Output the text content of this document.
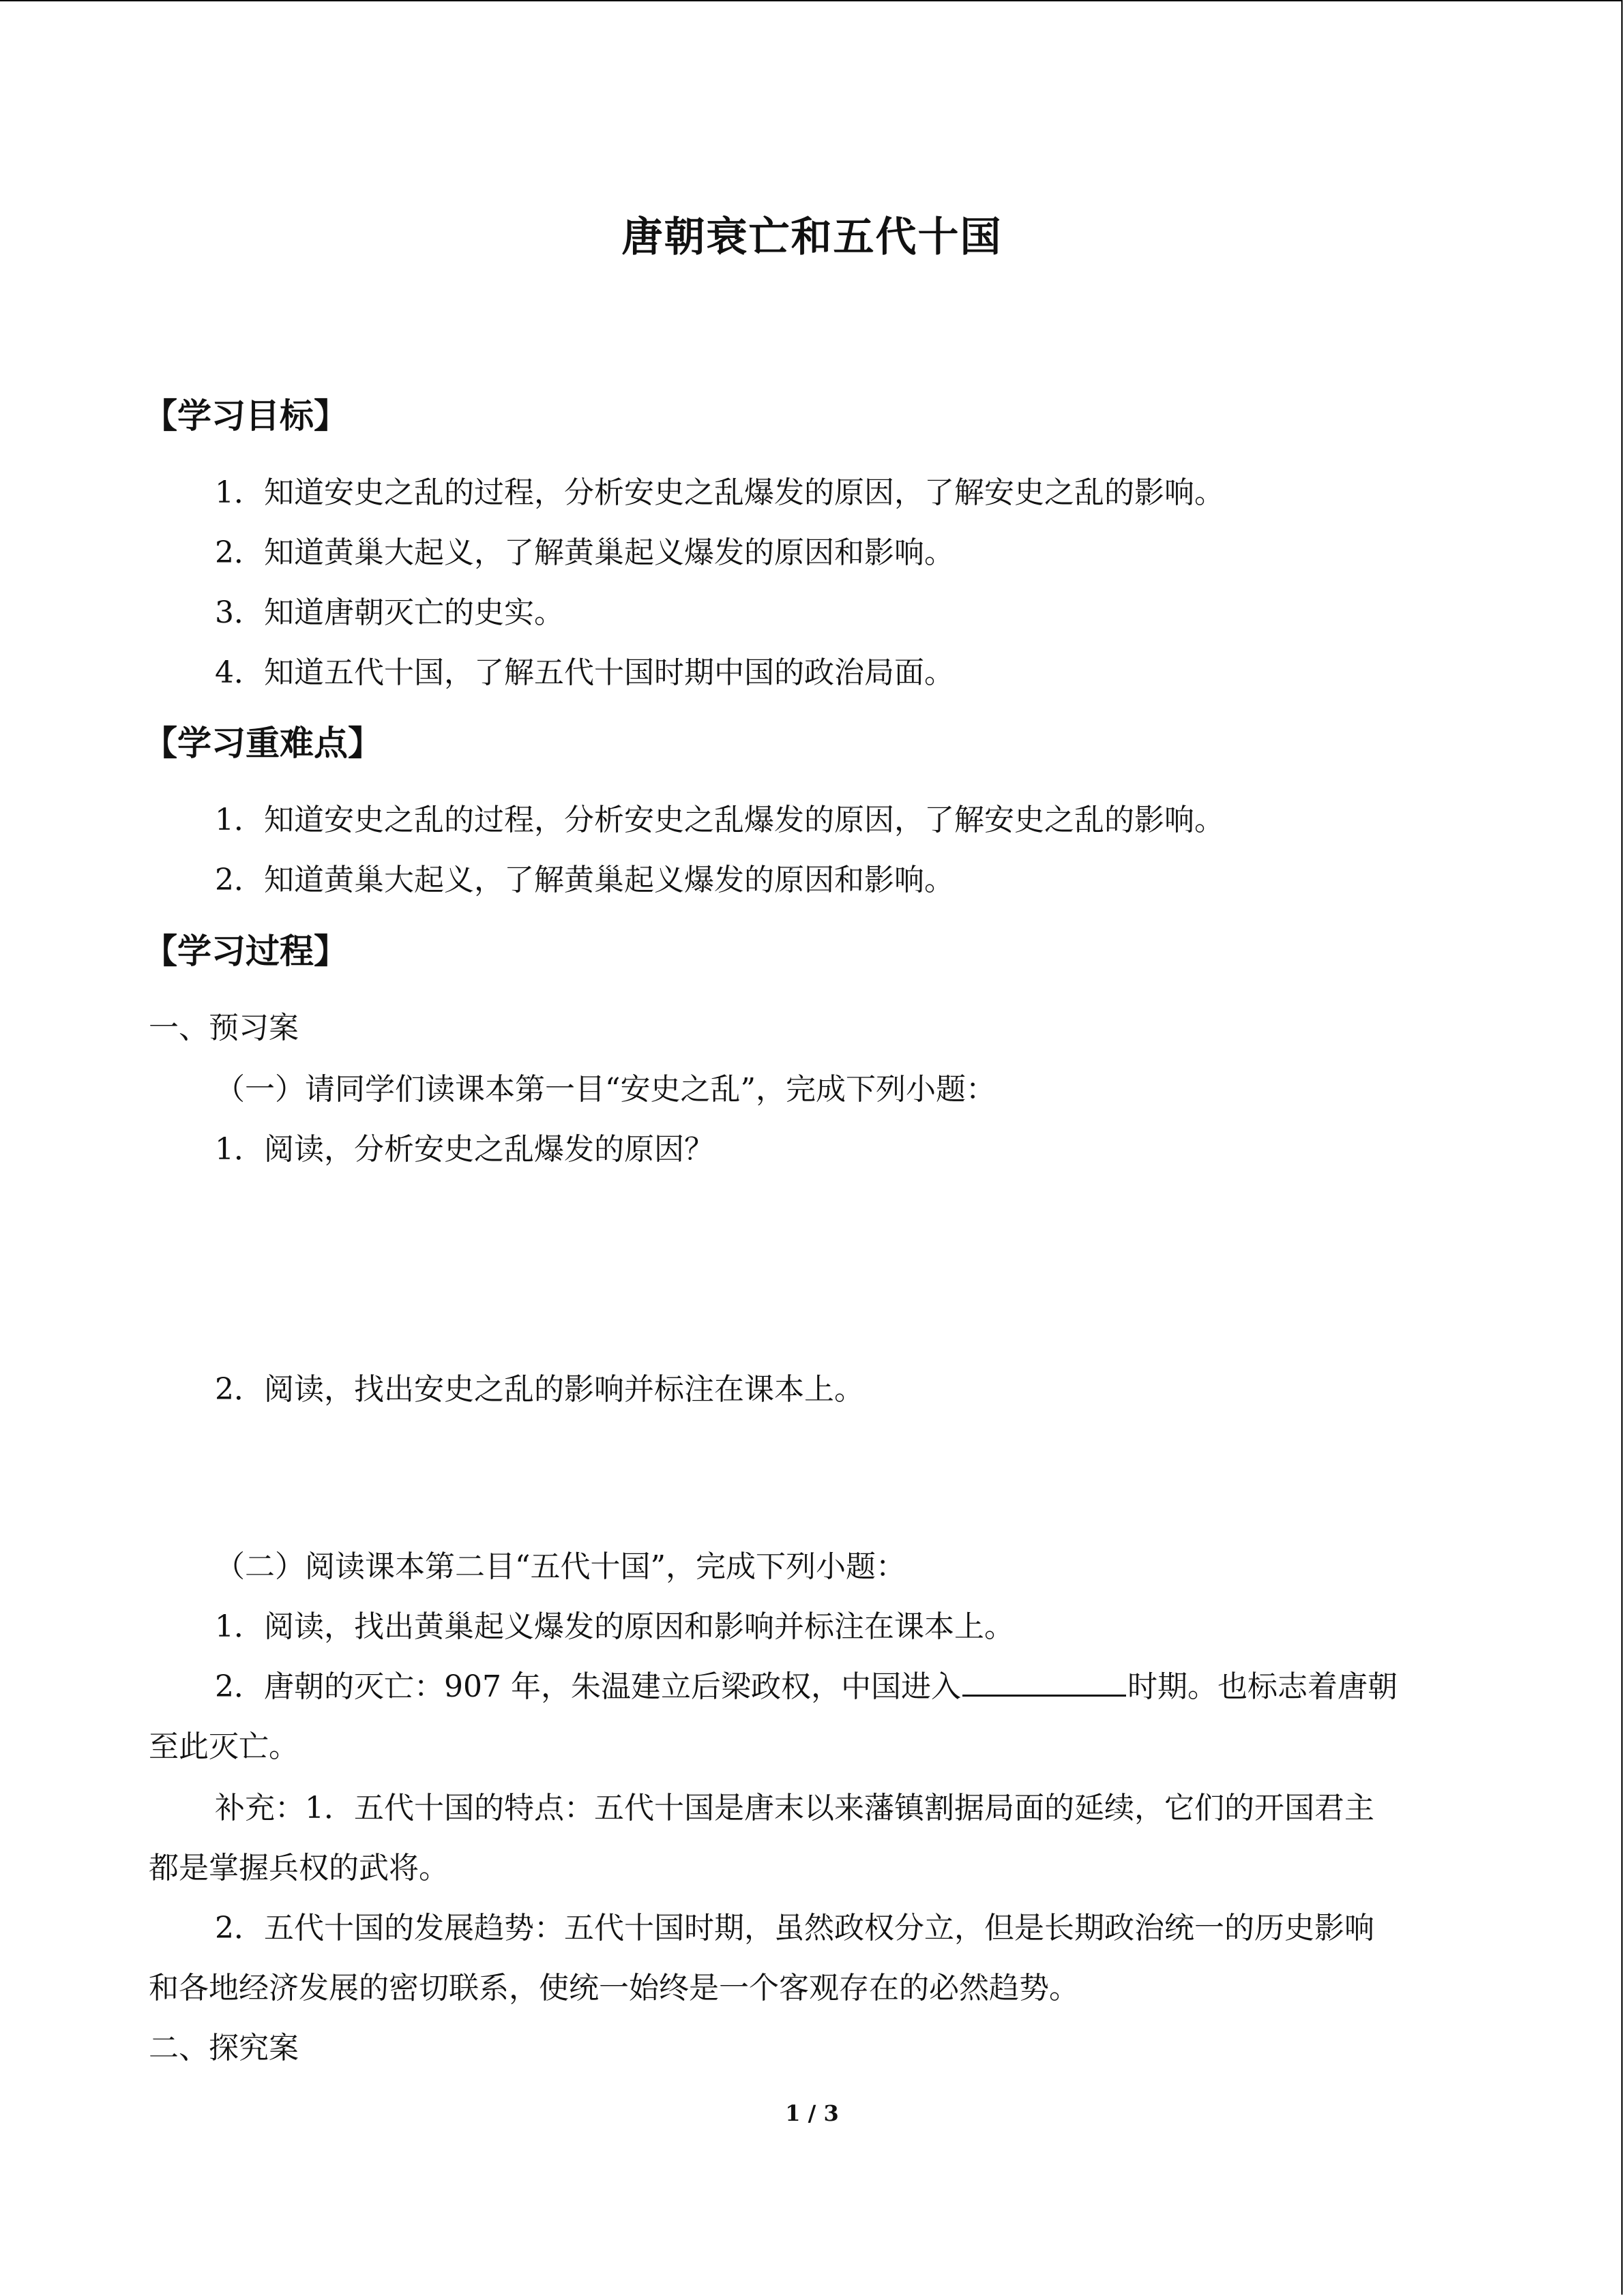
唐朝衰亡和五代十国
【学习目标】
1．知道安史之乱的过程，分析安史之乱爆发的原因，了解安史之乱的影响。
2．知道黄巢大起义，了解黄巢起义爆发的原因和影响。
3．知道唐朝灭亡的史实。
4．知道五代十国，了解五代十国时期中国的政治局面。
【学习重难点】
1．知道安史之乱的过程，分析安史之乱爆发的原因，了解安史之乱的影响。
2．知道黄巢大起义，了解黄巢起义爆发的原因和影响。
【学习过程】
一、预习案
（一）请同学们读课本第一目“安史之乱”，完成下列小题：
1．阅读，分析安史之乱爆发的原因？
2．阅读，找出安史之乱的影响并标注在课本上。
（二）阅读课本第二目“五代十国”，完成下列小题：
1．阅读，找出黄巢起义爆发的原因和影响并标注在课本上。
2．唐朝的灭亡：907 年，朱温建立后梁政权，中国进入	时期。也标志着唐朝
至此灭亡。
补充：1．五代十国的特点：五代十国是唐末以来藩镇割据局面的延续，它们的开国君主
都是掌握兵权的武将。
2．五代十国的发展趋势：五代十国时期，虽然政权分立，但是长期政治统一的历史影响
和各地经济发展的密切联系，使统一始终是一个客观存在的必然趋势。
二、探究案
1 / 3
